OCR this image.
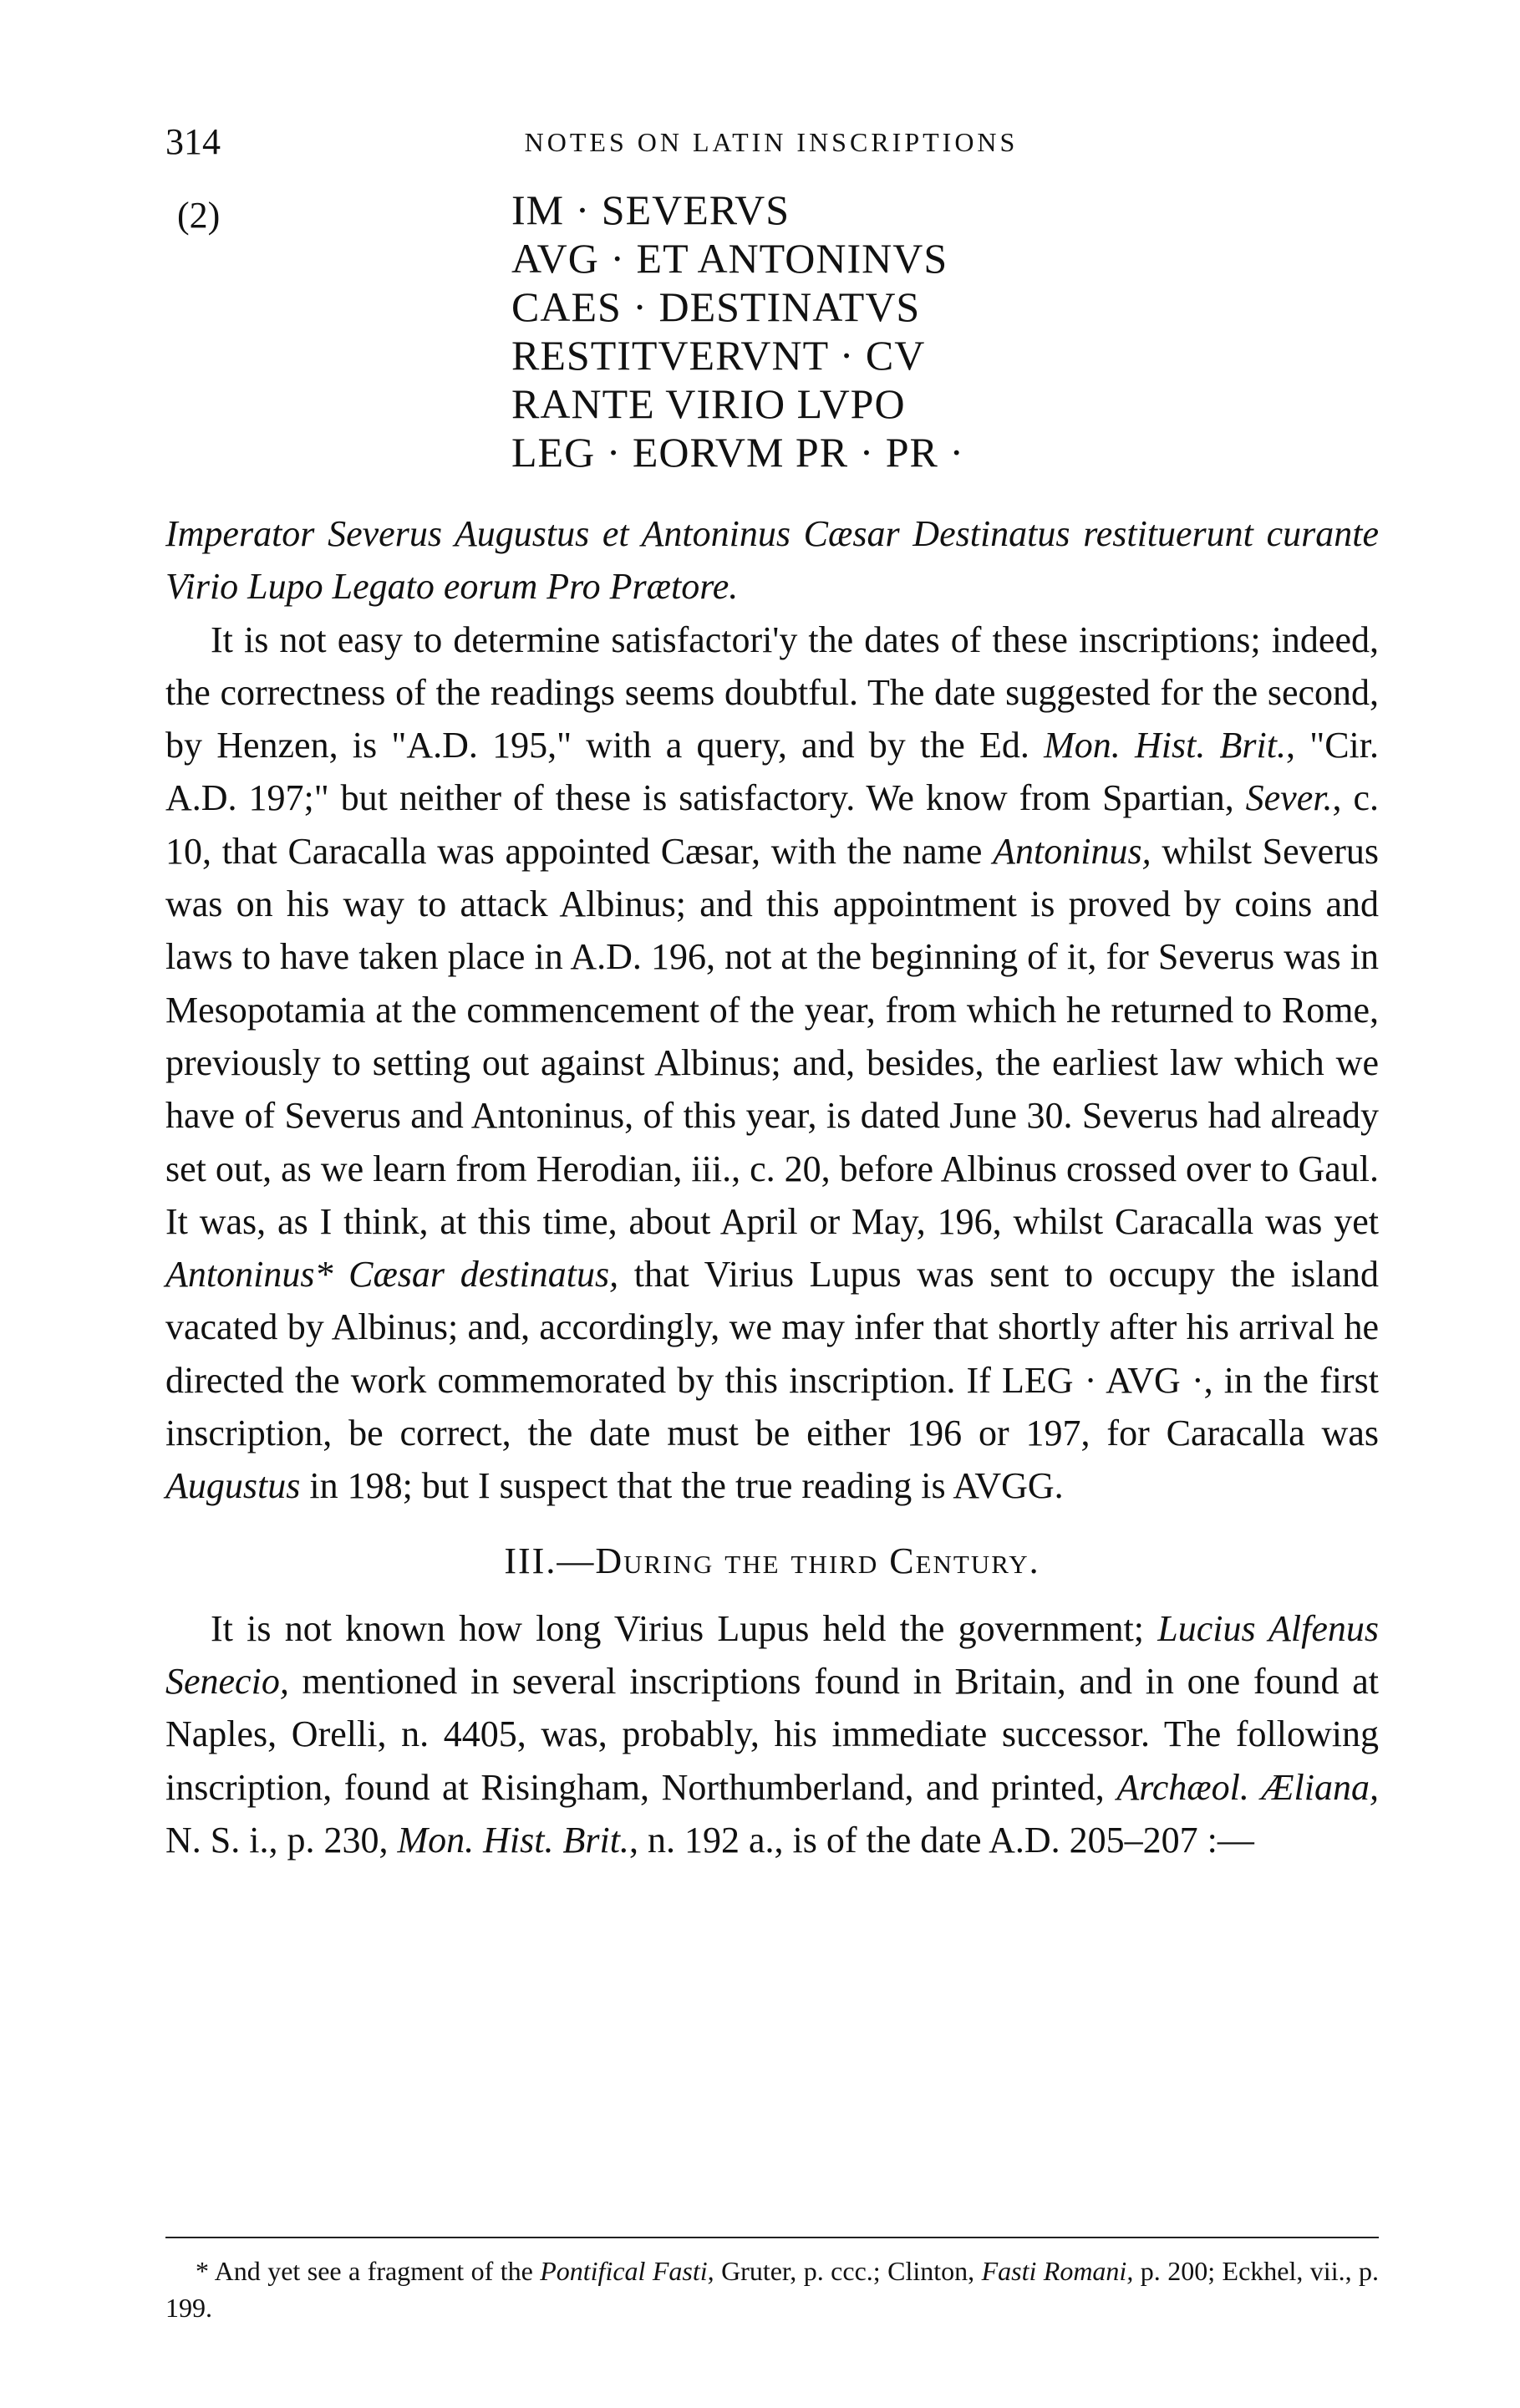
314	NOTES ON LATIN INSCRIPTIONS
(2)	IM · SEVERVS
AVG · ET ANTONINVS
CAES · DESTINATVS
RESTITVERVNT · CV
RANTE VIRIO LVPO
LEG · EORVM PR · PR ·

Imperator Severus Augustus et Antoninus Cæsar Destinatus restituerunt curante Virio Lupo Legato eorum Pro Prætore.

It is not easy to determine satisfactori'y the dates of these inscriptions; indeed, the correctness of the readings seems doubtful. The date suggested for the second, by Henzen, is "A.D. 195," with a query, and by the Ed. Mon. Hist. Brit., "Cir. A.D. 197;" but neither of these is satisfactory. We know from Spartian, Sever., c. 10, that Caracalla was appointed Cæsar, with the name Antoninus, whilst Severus was on his way to attack Albinus; and this appointment is proved by coins and laws to have taken place in A.D. 196, not at the beginning of it, for Severus was in Mesopotamia at the commencement of the year, from which he returned to Rome, previously to setting out against Albinus; and, besides, the earliest law which we have of Severus and Antoninus, of this year, is dated June 30. Severus had already set out, as we learn from Herodian, iii., c. 20, before Albinus crossed over to Gaul. It was, as I think, at this time, about April or May, 196, whilst Caracalla was yet Antoninus* Cæsar destinatus, that Virius Lupus was sent to occupy the island vacated by Albinus; and, accordingly, we may infer that shortly after his arrival he directed the work commemorated by this inscription. If LEG · AVG ·, in the first inscription, be correct, the date must be either 196 or 197, for Caracalla was Augustus in 198; but I suspect that the true reading is AVGG.

III.—During the third Century.

It is not known how long Virius Lupus held the government; Lucius Alfenus Senecio, mentioned in several inscriptions found in Britain, and in one found at Naples, Orelli, n. 4405, was, probably, his immediate successor. The following inscription, found at Risingham, Northumberland, and printed, Archæol. Æliana, N. S. i., p. 230, Mon. Hist. Brit., n. 192 a., is of the date A.D. 205–207 :—

* And yet see a fragment of the Pontifical Fasti, Gruter, p. ccc.; Clinton, Fasti Romani, p. 200; Eckhel, vii., p. 199.
